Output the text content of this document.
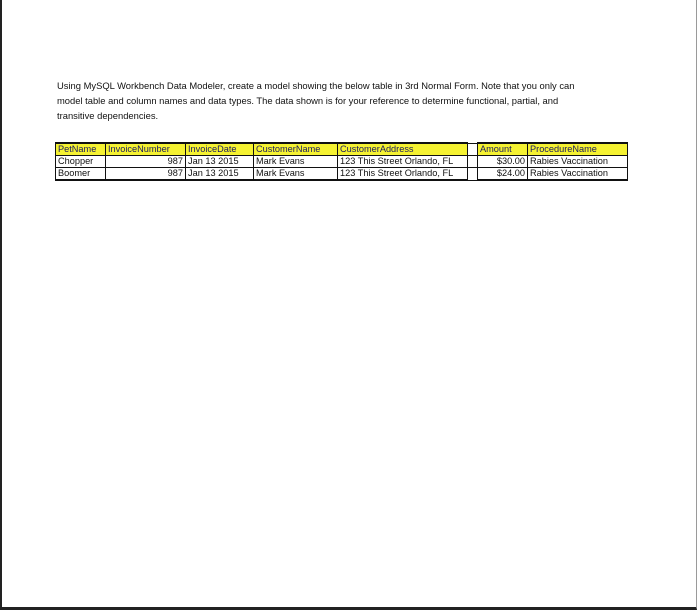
Using MySQL Workbench Data Modeler, create a model showing the below table in 3rd Normal Form. Note that you only can

model table and column names and data types. The data shown is for your reference to determine functional, partial, and

transitive dependencies.

PetName	InvoiceNumber	InvoiceDate	CustomerName	CustomerAddress		Amount	ProcedureName
Chopper	987	Jan 13 2015	Mark Evans	123 This Street Orlando, FL		$30.00	Rabies Vaccination
Boomer	987	Jan 13 2015	Mark Evans	123 This Street Orlando, FL		$24.00	Rabies Vaccination
